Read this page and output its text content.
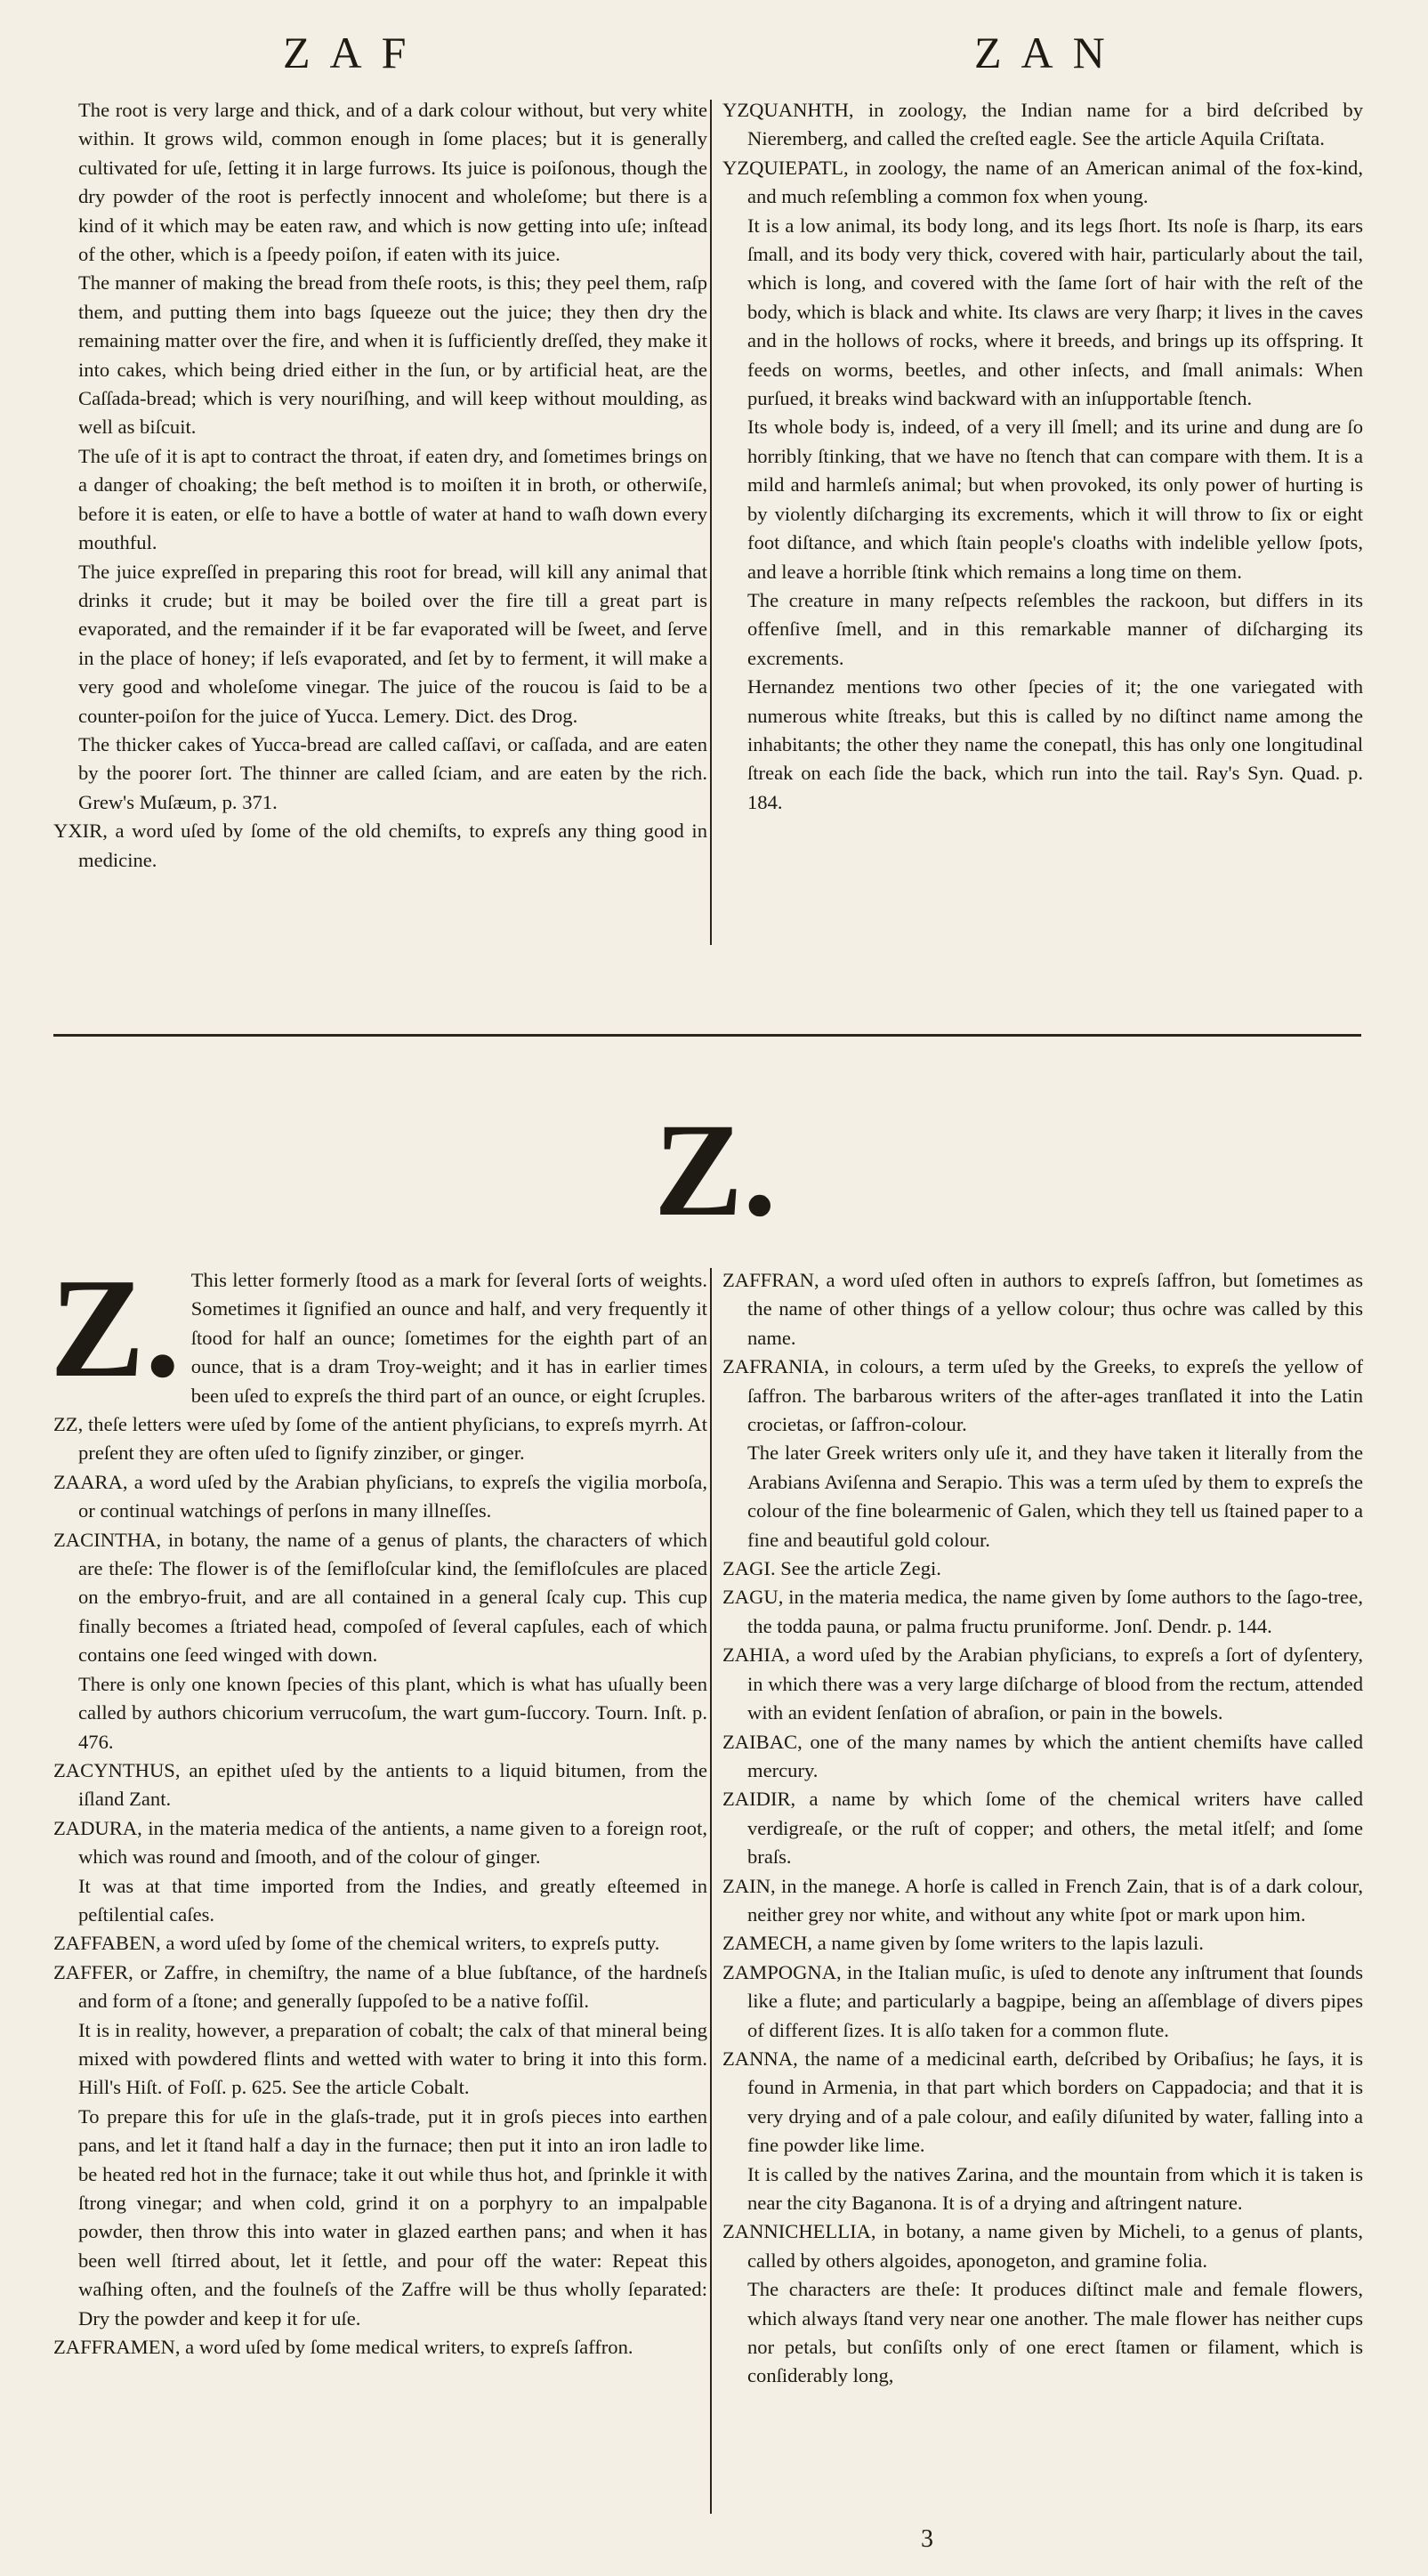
ZAF	ZAN

The root is very large and thick, and of a dark colour without, but very white within. It grows wild, common enough in ſome places; but it is generally cultivated for uſe, ſetting it in large furrows. Its juice is poiſonous, though the dry powder of the root is perfectly innocent and wholeſome; but there is a kind of it which may be eaten raw, and which is now getting into uſe; inſtead of the other, which is a ſpeedy poiſon, if eaten with its juice.

The manner of making the bread from theſe roots, is this; they peel them, raſp them, and putting them into bags ſqueeze out the juice; they then dry the remaining matter over the fire, and when it is ſufficiently dreſſed, they make it into cakes, which being dried either in the ſun, or by artificial heat, are the Caſſada-bread; which is very nouriſhing, and will keep without moulding, as well as biſcuit.

The uſe of it is apt to contract the throat, if eaten dry, and ſometimes brings on a danger of choaking; the beſt method is to moiſten it in broth, or otherwiſe, before it is eaten, or elſe to have a bottle of water at hand to waſh down every mouthful.

The juice expreſſed in preparing this root for bread, will kill any animal that drinks it crude; but it may be boiled over the fire till a great part is evaporated, and the remainder if it be far evaporated will be ſweet, and ſerve in the place of honey; if leſs evaporated, and ſet by to ferment, it will make a very good and wholeſome vinegar. The juice of the roucou is ſaid to be a counter-poiſon for the juice of Yucca. Lemery. Dict. des Drog.

The thicker cakes of Yucca-bread are called caſſavi, or caſſada, and are eaten by the poorer ſort. The thinner are called ſciam, and are eaten by the rich. Grew's Muſæum, p. 371.

YXIR, a word uſed by ſome of the old chemiſts, to expreſs any thing good in medicine.

YZQUANHTH, in zoology, the Indian name for a bird deſcribed by Nieremberg, and called the creſted eagle. See the article Aquila Criſtata.

YZQUIEPATL, in zoology, the name of an American animal of the fox-kind, and much reſembling a common fox when young.

It is a low animal, its body long, and its legs ſhort. Its noſe is ſharp, its ears ſmall, and its body very thick, covered with hair, particularly about the tail, which is long, and covered with the ſame ſort of hair with the reſt of the body, which is black and white. Its claws are very ſharp; it lives in the caves and in the hollows of rocks, where it breeds, and brings up its offspring. It feeds on worms, beetles, and other inſects, and ſmall animals: When purſued, it breaks wind backward with an inſupportable ſtench.

Its whole body is, indeed, of a very ill ſmell; and its urine and dung are ſo horribly ſtinking, that we have no ſtench that can compare with them. It is a mild and harmleſs animal; but when provoked, its only power of hurting is by violently diſcharging its excrements, which it will throw to ſix or eight foot diſtance, and which ſtain people's cloaths with indelible yellow ſpots, and leave a horrible ſtink which remains a long time on them.

The creature in many reſpects reſembles the rackoon, but differs in its offenſive ſmell, and in this remarkable manner of diſcharging its excrements.

Hernandez mentions two other ſpecies of it; the one variegated with numerous white ſtreaks, but this is called by no diſtinct name among the inhabitants; the other they name the conepatl, this has only one longitudinal ſtreak on each ſide the back, which run into the tail. Ray's Syn. Quad. p. 184.

Z.
Z. This letter formerly ſtood as a mark for ſeveral ſorts of weights. Sometimes it ſignified an ounce and half, and very frequently it ſtood for half an ounce; ſometimes for the eighth part of an ounce, that is a dram Troy-weight; and it has in earlier times been uſed to expreſs the third part of an ounce, or eight ſcruples.

ZZ, theſe letters were uſed by ſome of the antient phyſicians, to expreſs myrrh. At preſent they are often uſed to ſignify zinziber, or ginger.

ZAARA, a word uſed by the Arabian phyſicians, to expreſs the vigilia morboſa, or continual watchings of perſons in many illneſſes.

ZACINTHA, in botany, the name of a genus of plants, the characters of which are theſe: The flower is of the ſemifloſcular kind, the ſemifloſcules are placed on the embryo-fruit, and are all contained in a general ſcaly cup. This cup finally becomes a ſtriated head, compoſed of ſeveral capſules, each of which contains one ſeed winged with down.

There is only one known ſpecies of this plant, which is what has uſually been called by authors chicorium verrucoſum, the wart gum-ſuccory. Tourn. Inſt. p. 476.

ZACYNTHUS, an epithet uſed by the antients to a liquid bitumen, from the iſland Zant.

ZADURA, in the materia medica of the antients, a name given to a foreign root, which was round and ſmooth, and of the colour of ginger.

It was at that time imported from the Indies, and greatly eſteemed in peſtilential caſes.

ZAFFABEN, a word uſed by ſome of the chemical writers, to expreſs putty.

ZAFFER, or Zaffre, in chemiſtry, the name of a blue ſubſtance, of the hardneſs and form of a ſtone; and generally ſuppoſed to be a native foſſil.

It is in reality, however, a preparation of cobalt; the calx of that mineral being mixed with powdered flints and wetted with water to bring it into this form. Hill's Hiſt. of Foſſ. p. 625. See the article Cobalt.

To prepare this for uſe in the glaſs-trade, put it in groſs pieces into earthen pans, and let it ſtand half a day in the furnace; then put it into an iron ladle to be heated red hot in the furnace; take it out while thus hot, and ſprinkle it with ſtrong vinegar; and when cold, grind it on a porphyry to an impalpable powder, then throw this into water in glazed earthen pans; and when it has been well ſtirred about, let it ſettle, and pour off the water: Repeat this waſhing often, and the foulneſs of the Zaffre will be thus wholly ſeparated: Dry the powder and keep it for uſe.

ZAFFRAMEN, a word uſed by ſome medical writers, to expreſs ſaffron.

ZAFFRAN, a word uſed often in authors to expreſs ſaffron, but ſometimes as the name of other things of a yellow colour; thus ochre was called by this name.

ZAFRANIA, in colours, a term uſed by the Greeks, to expreſs the yellow of ſaffron. The barbarous writers of the after-ages tranſlated it into the Latin crocietas, or ſaffron-colour.

The later Greek writers only uſe it, and they have taken it literally from the Arabians Aviſenna and Serapio. This was a term uſed by them to expreſs the colour of the fine bolearmenic of Galen, which they tell us ſtained paper to a fine and beautiful gold colour.

ZAGI. See the article Zegi.

ZAGU, in the materia medica, the name given by ſome authors to the ſago-tree, the todda pauna, or palma fructu pruniforme. Jonſ. Dendr. p. 144.

ZAHIA, a word uſed by the Arabian phyſicians, to expreſs a ſort of dyſentery, in which there was a very large diſcharge of blood from the rectum, attended with an evident ſenſation of abraſion, or pain in the bowels.

ZAIBAC, one of the many names by which the antient chemiſts have called mercury.

ZAIDIR, a name by which ſome of the chemical writers have called verdigreaſe, or the ruſt of copper; and others, the metal itſelf; and ſome braſs.

ZAIN, in the manege. A horſe is called in French Zain, that is of a dark colour, neither grey nor white, and without any white ſpot or mark upon him.

ZAMECH, a name given by ſome writers to the lapis lazuli.

ZAMPOGNA, in the Italian muſic, is uſed to denote any inſtrument that ſounds like a flute; and particularly a bagpipe, being an aſſemblage of divers pipes of different ſizes. It is alſo taken for a common flute.

ZANNA, the name of a medicinal earth, deſcribed by Oribaſius; he ſays, it is found in Armenia, in that part which borders on Cappadocia; and that it is very drying and of a pale colour, and eaſily diſunited by water, falling into a fine powder like lime.

It is called by the natives Zarina, and the mountain from which it is taken is near the city Baganona. It is of a drying and aſtringent nature.

ZANNICHELLIA, in botany, a name given by Micheli, to a genus of plants, called by others algoides, aponogeton, and gramine folia.

The characters are theſe: It produces diſtinct male and female flowers, which always ſtand very near one another. The male flower has neither cups nor petals, but conſiſts only of one erect ſtamen or filament, which is conſiderably long,

3
